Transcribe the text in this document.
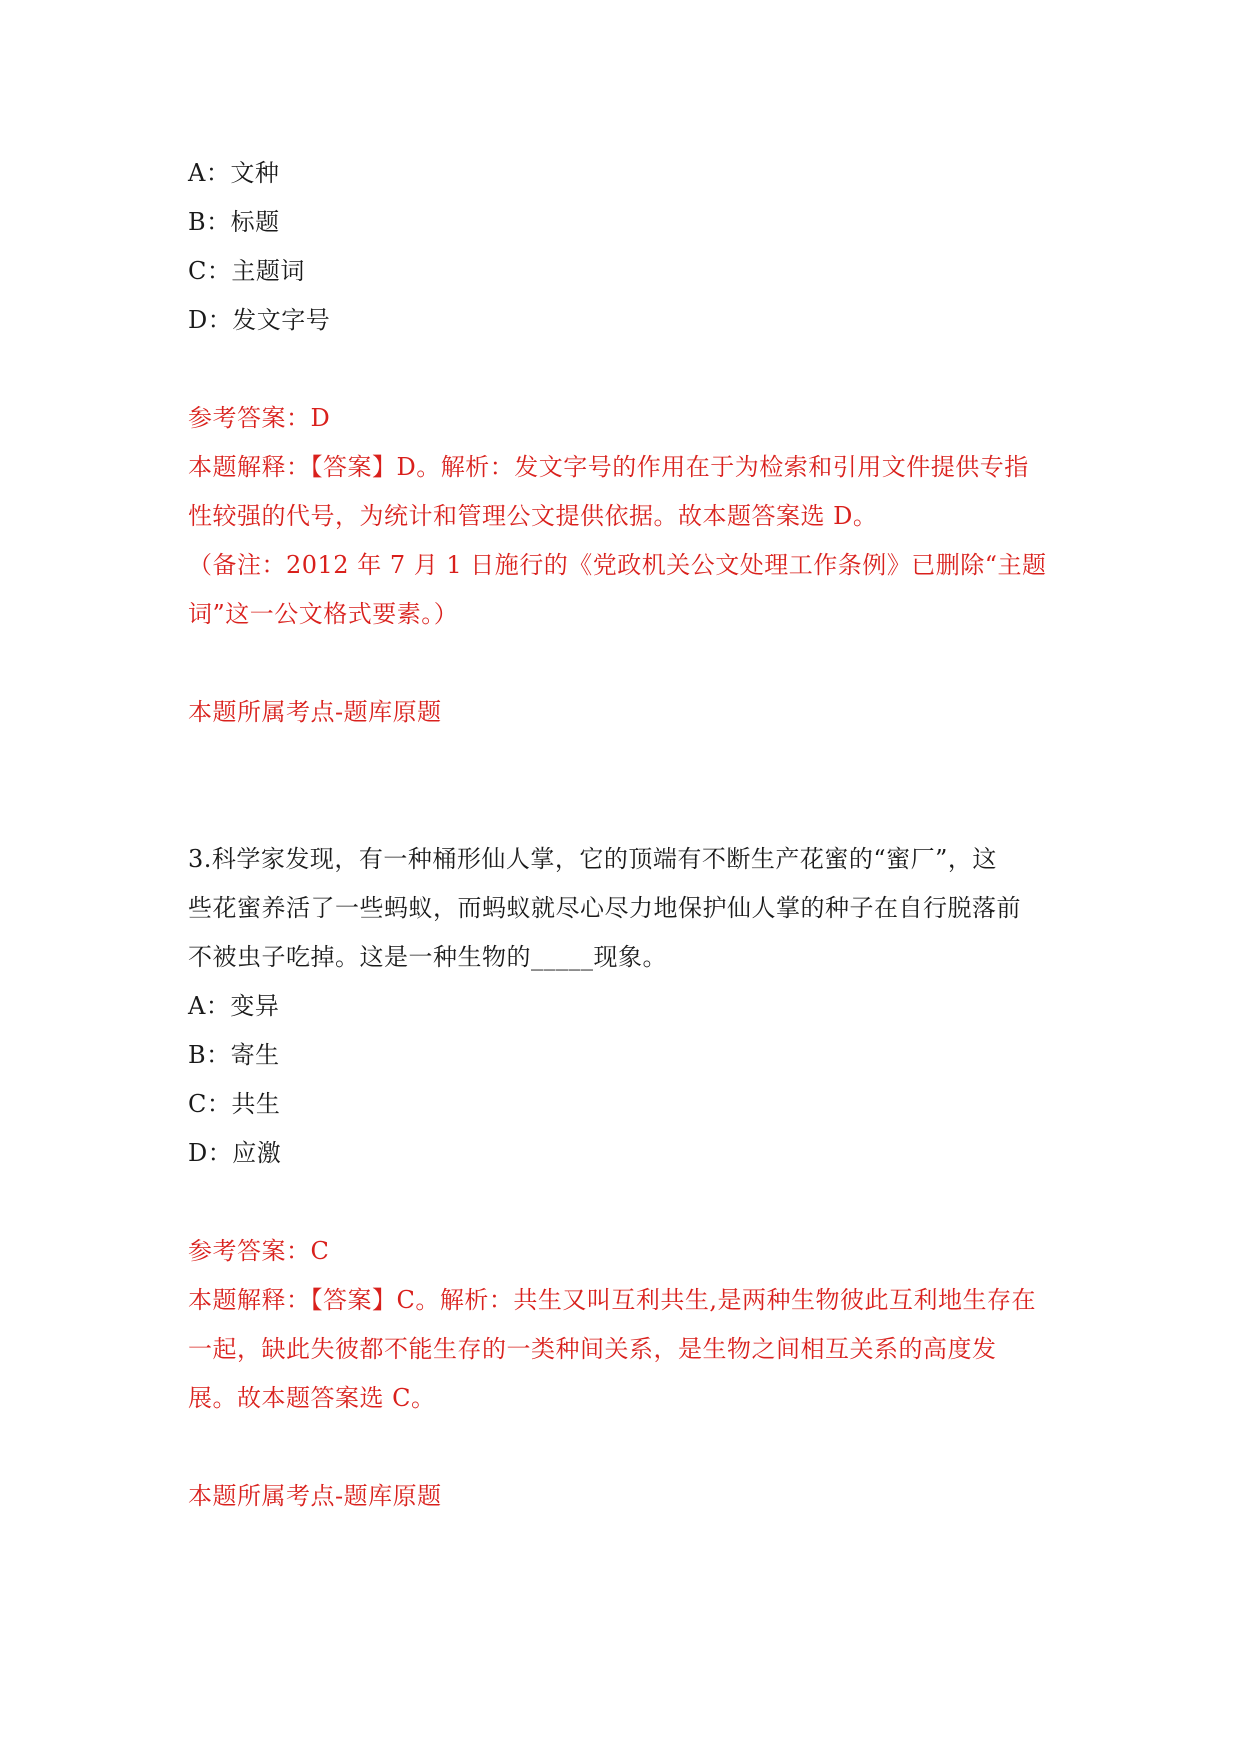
A：文种
B：标题
C：主题词
D：发文字号
参考答案：D
本题解释：【答案】D。解析：发文字号的作用在于为检索和引用文件提供专指
性较强的代号，为统计和管理公文提供依据。故本题答案选 D。
（备注：2012 年 7 月 1 日施行的《党政机关公文处理工作条例》已删除“主题
词”这一公文格式要素。）
本题所属考点-题库原题
3.科学家发现，有一种桶形仙人掌，它的顶端有不断生产花蜜的“蜜厂”，这
些花蜜养活了一些蚂蚁，而蚂蚁就尽心尽力地保护仙人掌的种子在自行脱落前
不被虫子吃掉。这是一种生物的_____现象。
A：变异
B：寄生
C：共生
D：应激
参考答案：C
本题解释：【答案】C。解析：共生又叫互利共生,是两种生物彼此互利地生存在
一起，缺此失彼都不能生存的一类种间关系，是生物之间相互关系的高度发
展。故本题答案选 C。
本题所属考点-题库原题
